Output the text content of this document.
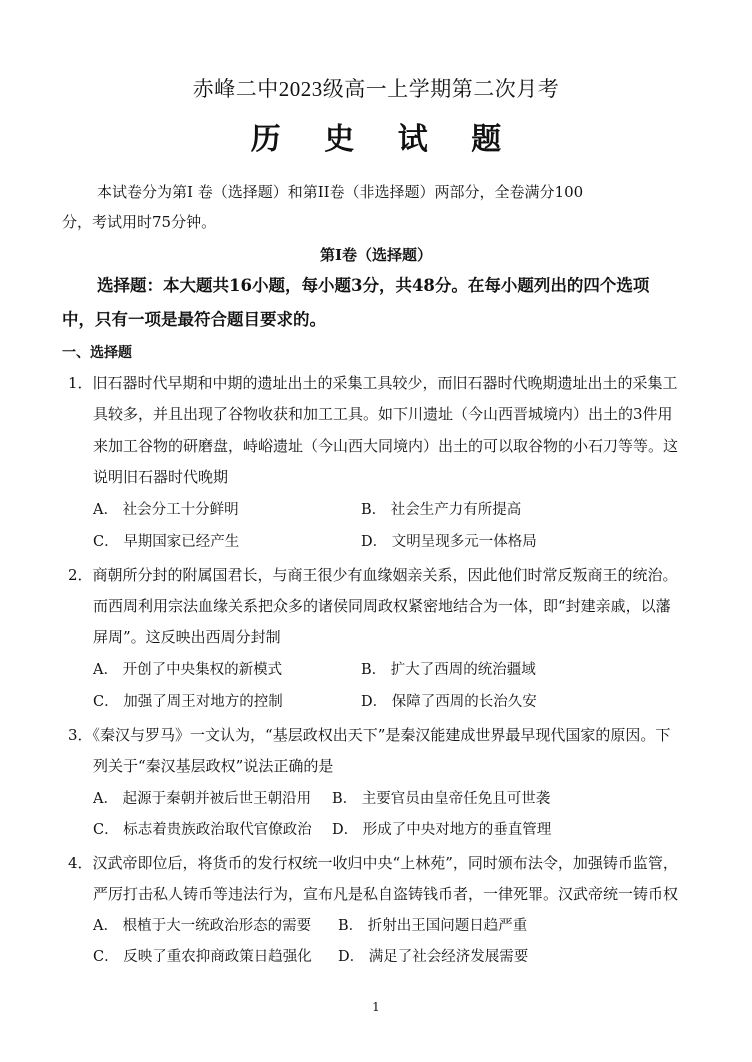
赤峰二中2023级高一上学期第二次月考
历 史 试 题
本试卷分为第Ⅰ 卷（选择题）和第II卷（非选择题）两部分，全卷满分100
分，考试用时75分钟。
第Ⅰ卷（选择题）
选择题：本大题共16小题，每小题3分，共48分。在每小题列出的四个选项
中，只有一项是最符合题目要求的。
一、选择题
1．旧石器时代早期和中期的遗址出土的采集工具较少，而旧石器时代晚期遗址出土的采集工
具较多，并且出现了谷物收获和加工工具。如下川遗址（今山西晋城境内）出土的3件用
来加工谷物的研磨盘，峙峪遗址（今山西大同境内）出土的可以取谷物的小石刀等等。这
说明旧石器时代晚期
A． 社会分工十分鲜明	B． 社会生产力有所提高
C． 早期国家已经产生	D． 文明呈现多元一体格局
2．商朝所分封的附属国君长，与商王很少有血缘姻亲关系，因此他们时常反叛商王的统治。
而西周利用宗法血缘关系把众多的诸侯同周政权紧密地结合为一体，即“封建亲戚，以藩
屏周”。这反映出西周分封制
A． 开创了中央集权的新模式	B． 扩大了西周的统治疆域
C． 加强了周王对地方的控制	D． 保障了西周的长治久安
3．《秦汉与罗马》一文认为，“基层政权出天下”是秦汉能建成世界最早现代国家的原因。下
列关于“秦汉基层政权”说法正确的是
A． 起源于秦朝并被后世王朝沿用 B． 主要官员由皇帝任免且可世袭
C． 标志着贵族政治取代官僚政治 D． 形成了中央对地方的垂直管理
4．汉武帝即位后，将货币的发行权统一收归中央“上林苑”，同时颁布法令，加强铸币监管，
严厉打击私人铸币等违法行为，宣布凡是私自盗铸钱币者，一律死罪。汉武帝统一铸币权
A． 根植于大一统政治形态的需要 B． 折射出王国问题日趋严重
C． 反映了重农抑商政策日趋强化 D． 满足了社会经济发展需要
1
